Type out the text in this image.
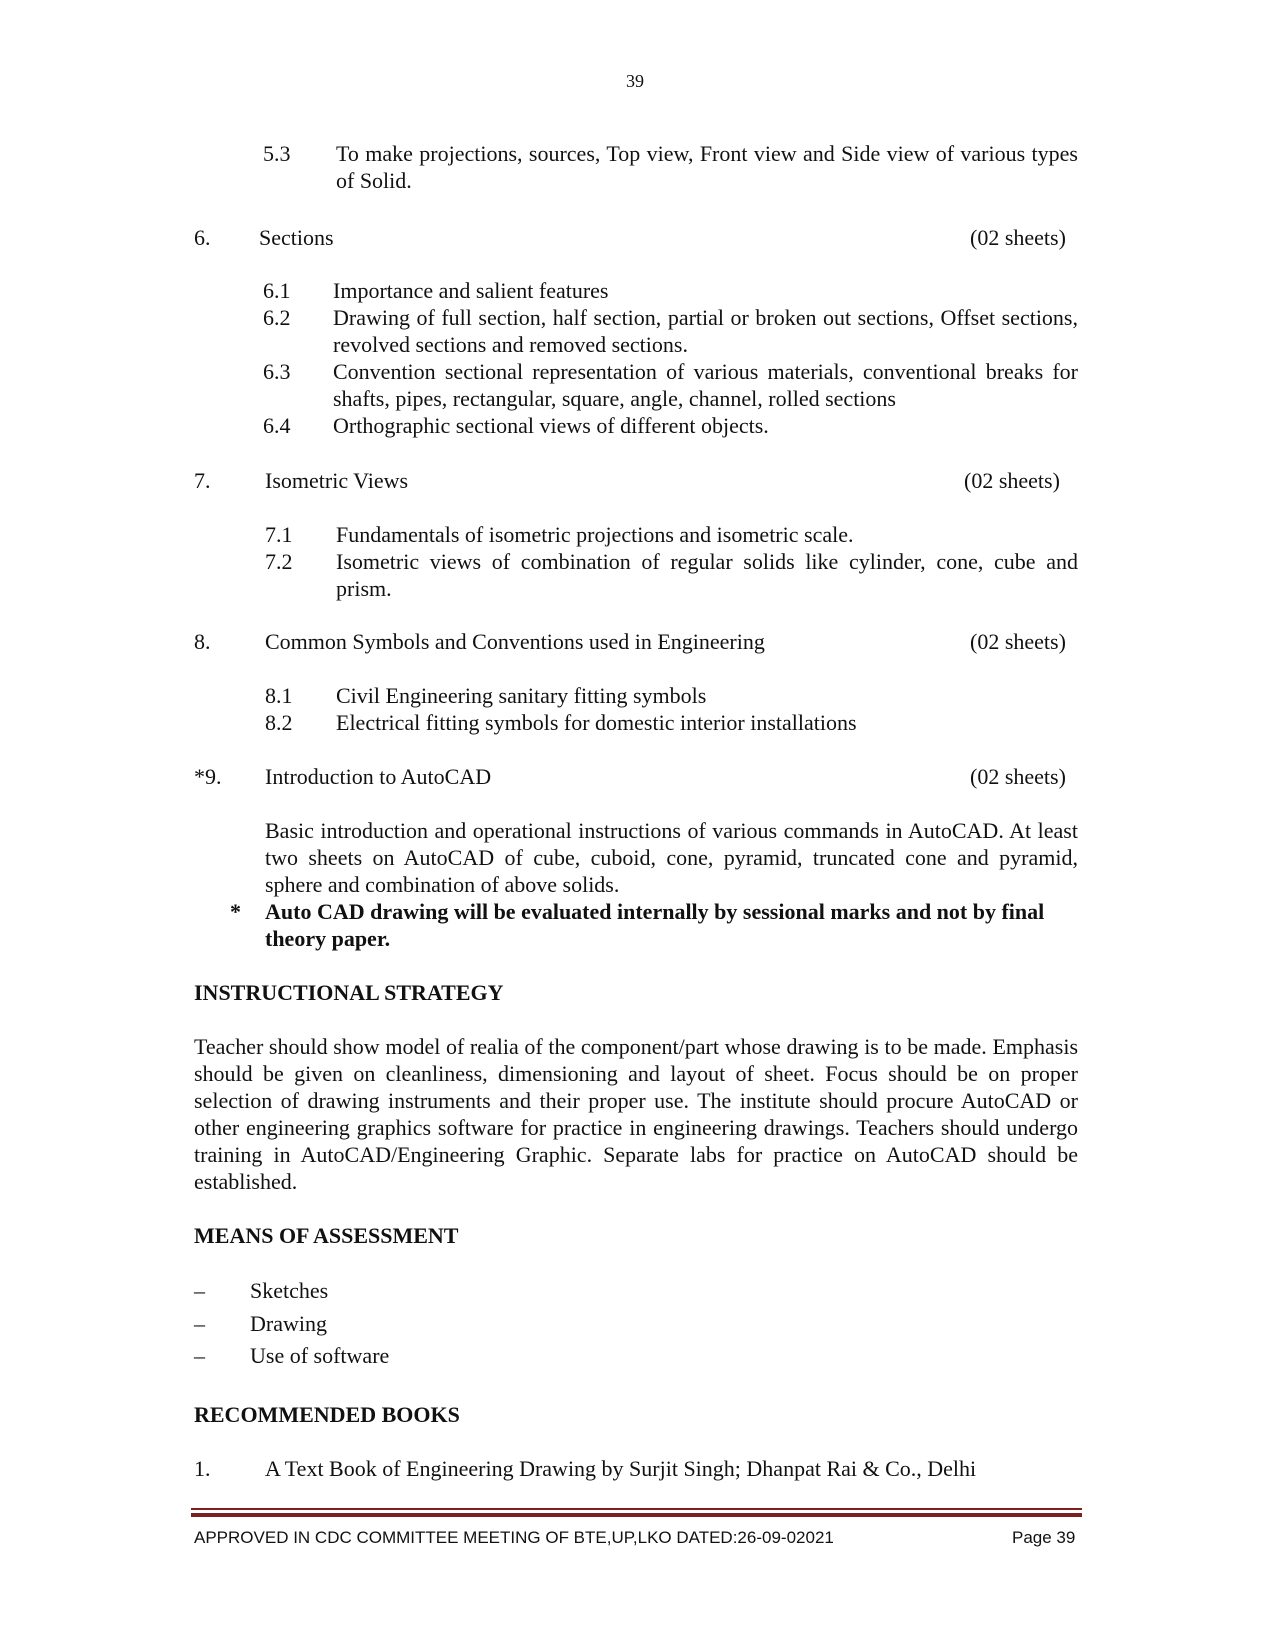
39
5.3 To make projections, sources, Top view, Front view and Side view of various types of Solid.
6. Sections	(02 sheets)
6.1 Importance and salient features
6.2 Drawing of full section, half section, partial or broken out sections, Offset sections, revolved sections and removed sections.
6.3 Convention sectional representation of various materials, conventional breaks for shafts, pipes, rectangular, square, angle, channel, rolled sections
6.4 Orthographic sectional views of different objects.
7. Isometric Views	(02 sheets)
7.1 Fundamentals of isometric projections and isometric scale.
7.2 Isometric views of combination of regular solids like cylinder, cone, cube and prism.
8. Common Symbols and Conventions used in Engineering	(02 sheets)
8.1 Civil Engineering sanitary fitting symbols
8.2 Electrical fitting symbols for domestic interior installations
*9. Introduction to AutoCAD	(02 sheets)
Basic introduction and operational instructions of various commands in AutoCAD. At least two sheets on AutoCAD of cube, cuboid, cone, pyramid, truncated cone and pyramid, sphere and combination of above solids.
* Auto CAD drawing will be evaluated internally by sessional marks and not by final theory paper.
INSTRUCTIONAL STRATEGY
Teacher should show model of realia of the component/part whose drawing is to be made. Emphasis should be given on cleanliness, dimensioning and layout of sheet. Focus should be on proper selection of drawing instruments and their proper use. The institute should procure AutoCAD or other engineering graphics software for practice in engineering drawings. Teachers should undergo training in AutoCAD/Engineering Graphic. Separate labs for practice on AutoCAD should be established.
MEANS OF ASSESSMENT
– Sketches
– Drawing
– Use of software
RECOMMENDED BOOKS
1. A Text Book of Engineering Drawing by Surjit Singh; Dhanpat Rai & Co., Delhi
APPROVED IN CDC COMMITTEE MEETING OF BTE,UP,LKO DATED:26-09-02021	Page 39
